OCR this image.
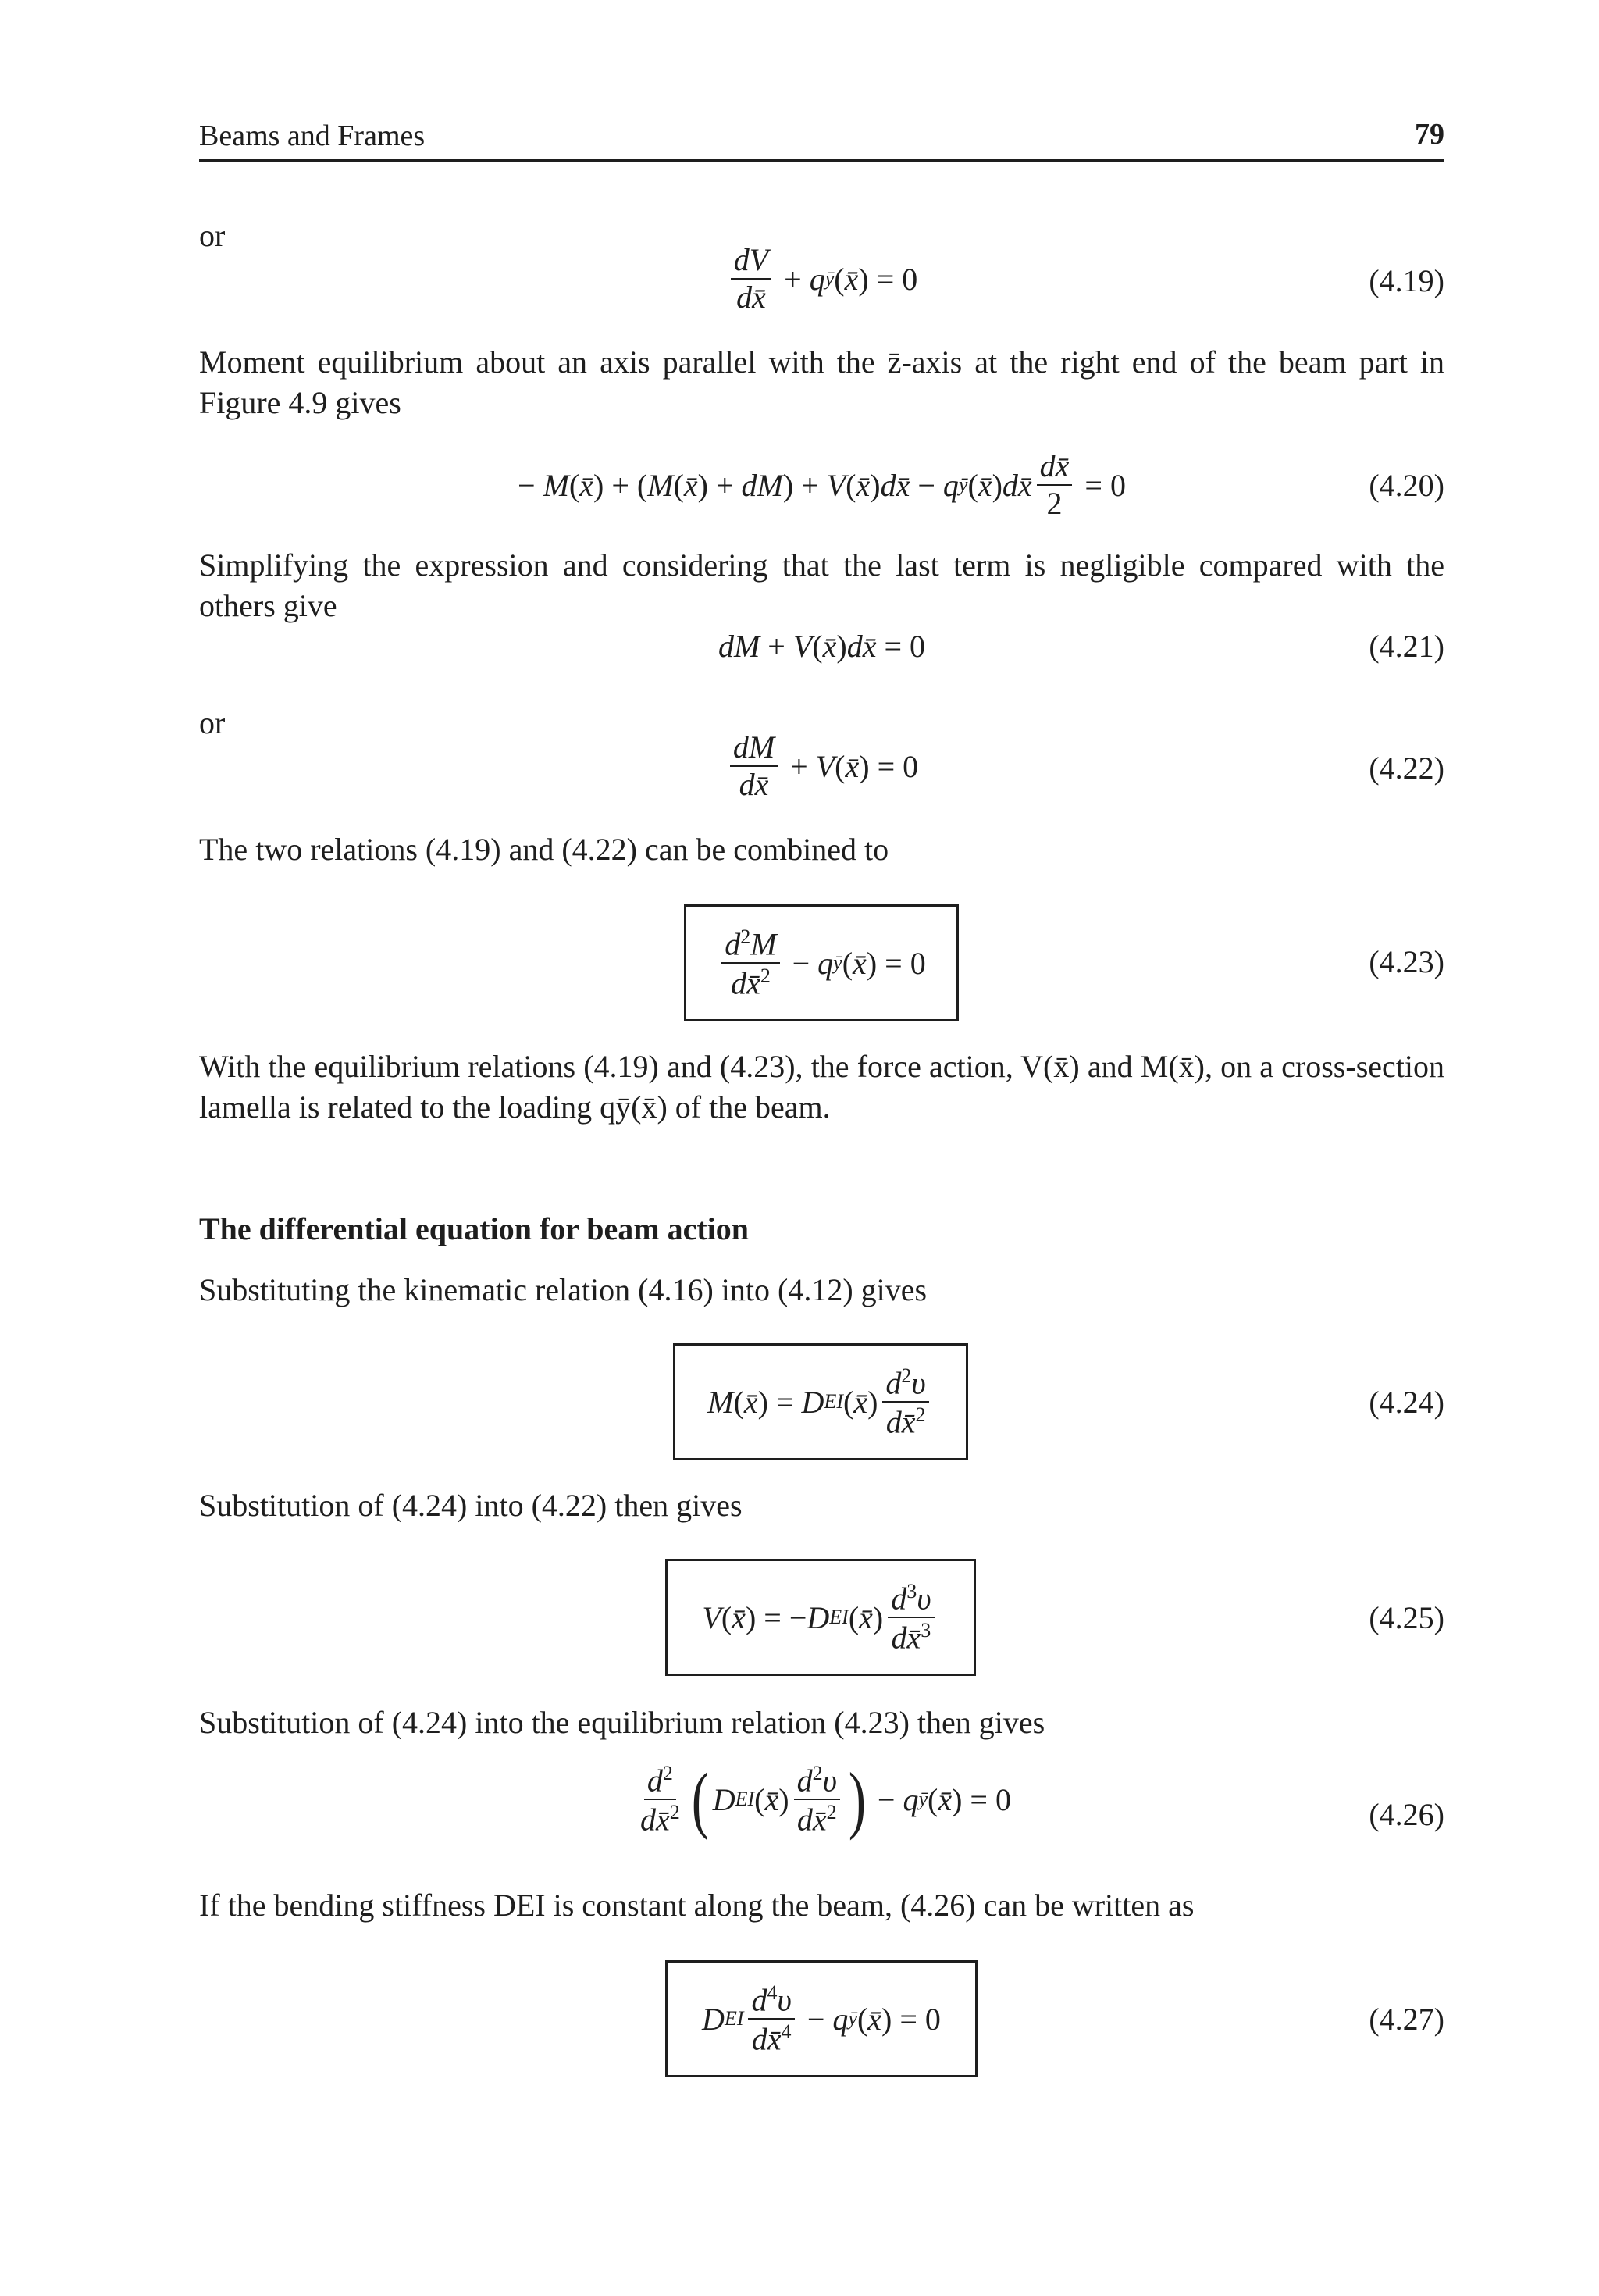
Beams and Frames	79
or
$\frac{dV}{dx̄} + q$ ȳ ( x̄ ) = 0	(4.19)
Moment equilibrium about an axis parallel with the z̄-axis at the right end of the beam part in Figure 4.9 gives
− M ( x̄ ) + ( M ( x̄ ) + dM ) + V ( x̄ ) dx̄ − q ȳ ( x̄ ) dx̄ $\frac{dx̄}{2} = 0$	(4.20)
Simplifying the expression and considering that the last term is negligible compared with the others give
dM + V ( x̄ ) dx̄ = 0	(4.21)
or
$\frac{dM}{dx̄} + V$ ( x̄ ) = 0	(4.22)
The two relations (4.19) and (4.22) can be combined to
$\frac{d^2M}{dx̄^2} - q$ ȳ ( x̄ ) = 0	(4.23)
With the equilibrium relations (4.19) and (4.23), the force action, V(x̄) and M(x̄), on a cross-section lamella is related to the loading qȳ(x̄) of the beam.
The differential equation for beam action
Substituting the kinematic relation (4.16) into (4.12) gives
M ( x̄ ) = D EI ( x̄ ) $\frac{d^2\upsilon}{dx̄^2}$	(4.24)
Substitution of (4.24) into (4.22) then gives
V ( x̄ ) = − D EI ( x̄ ) $\frac{d^3\upsilon}{dx̄^3}$	(4.25)
Substitution of (4.24) into the equilibrium relation (4.23) then gives
$\frac{d^2}{dx̄^2}$ ( D EI ( x̄ ) $\frac{d^2\upsilon}{dx̄^2}$ ) − q ȳ ( x̄ ) = 0	(4.26)
If the bending stiffness DEI is constant along the beam, (4.26) can be written as
D EI $\frac{d^4\upsilon}{dx̄^4} - q$ ȳ ( x̄ ) = 0	(4.27)
